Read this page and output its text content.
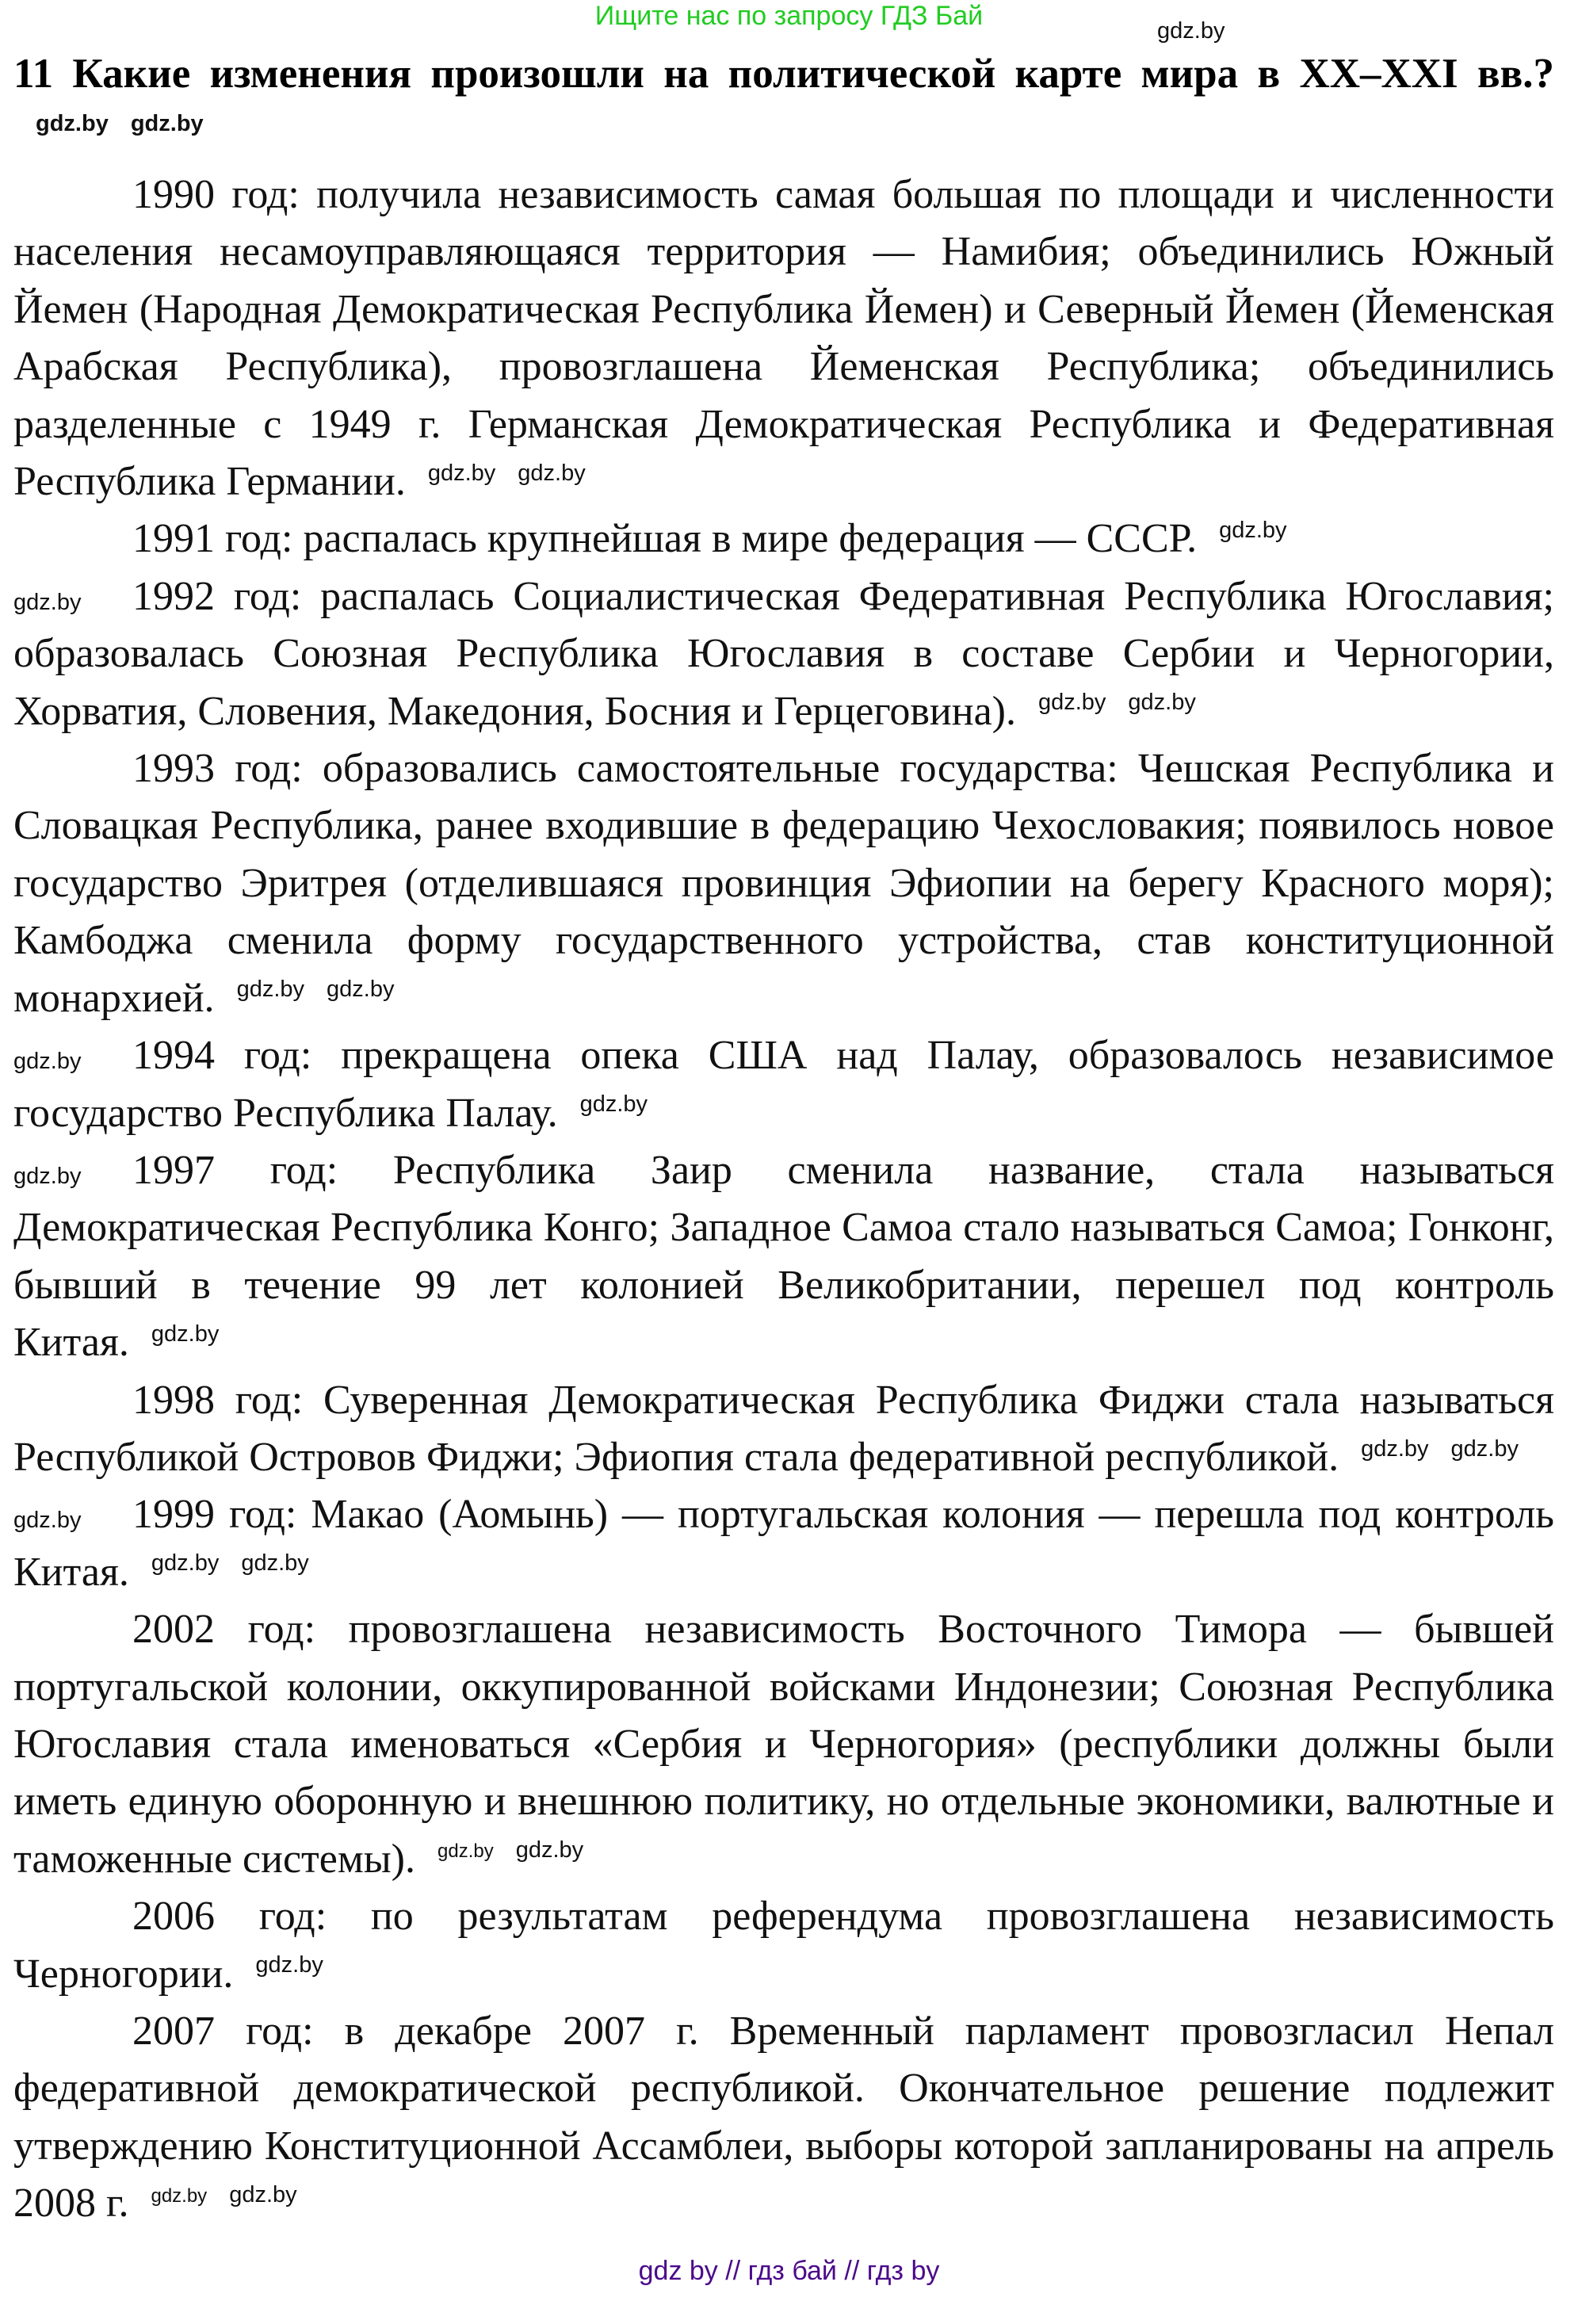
Ищите нас по запросу ГДЗ Бай	gdz.by
11 Какие изменения произошли на политической карте мира в XX–XXI вв.?$^{gdz.by}$ $^{gdz.by}$

1990 год: получила независимость самая большая по площади и численности населения несамоуправляющаяся территория — Намибия; объединились Южный Йемен (Народная Демократическая Республика Йемен) и Северный Йемен (Йеменская Арабская Республика), провозглашена Йеменская Республика; объединились разделенные с 1949 г. Германская Демократическая Республика и Федеративная Республика Германии. $^{gdz.by}$ $^{gdz.by}$

1991 год: распалась крупнейшая в мире федерация — СССР. $^{gdz.by}$

gdz.by 1992 год: распалась Социалистическая Федеративная Республика Югославия; образовалась Союзная Республика Югославия в составе Сербии и Черногории, Хорватия, Словения, Македония, Босния и Герцеговина). $^{gdz.by}$ $^{gdz.by}$

1993 год: образовались самостоятельные государства: Чешская Республика и Словацкая Республика, ранее входившие в федерацию Чехословакия; появилось новое государство Эритрея (отделившаяся провинция Эфиопии на берегу Красного моря); Камбоджа сменила форму государственного устройства, став конституционной монархией. $^{gdz.by}$ $^{gdz.by}$

gdz.by 1994 год: прекращена опека США над Палау, образовалось независимое государство Республика Палау. $^{gdz.by}$

gdz.by 1997 год: Республика Заир сменила название, стала называться Демократическая Республика Конго; Западное Самоа стало называться Самоа; Гонконг, бывший в течение 99 лет колонией Великобритании, перешел под контроль Китая. $^{gdz.by}$

1998 год: Суверенная Демократическая Республика Фиджи стала называться Республикой Островов Фиджи; Эфиопия стала федеративной республикой. $^{gdz.by}$ $^{gdz.by}$

gdz.by 1999 год: Макао (Аомынь) — португальская колония — перешла под контроль Китая. $^{gdz.by}$ $^{gdz.by}$

2002 год: провозглашена независимость Восточного Тимора — бывшей португальской колонии, оккупированной войсками Индонезии; Союзная Республика Югославия стала именоваться «Сербия и Черногория» (республики должны были иметь единую оборонную и внешнюю политику, но отдельные экономики, валютные и таможенные системы). $^{gdz.by}$ $^{gdz.by}$

2006 год: по результатам референдума провозглашена независимость Черногории. $^{gdz.by}$

2007 год: в декабре 2007 г. Временный парламент провозгласил Непал федеративной демократической республикой. Окончательное решение подлежит утверждению Конституционной Ассамблеи, выборы которой запланированы на апрель 2008 г. $^{gdz.by}$ $^{gdz.by}$

gdz by // гдз бай // гдз by
